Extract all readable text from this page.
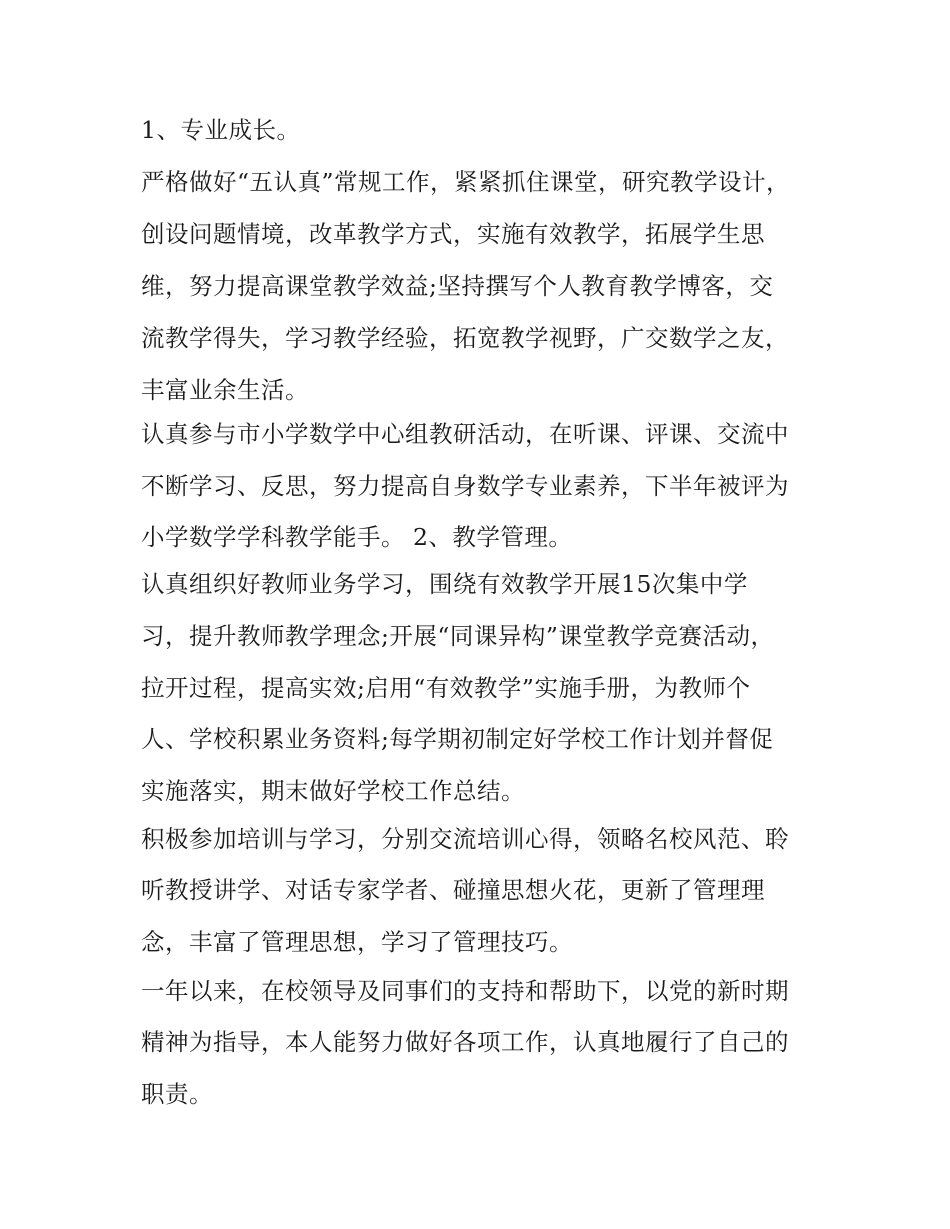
1、专业成长。
严格做好“五认真”常规工作，紧紧抓住课堂，研究教学设计，
创设问题情境，改革教学方式，实施有效教学，拓展学生思
维，努力提高课堂教学效益;坚持撰写个人教育教学博客，交
流教学得失，学习教学经验，拓宽教学视野，广交数学之友，
丰富业余生活。
认真参与市小学数学中心组教研活动，在听课、评课、交流中
不断学习、反思，努力提高自身数学专业素养，下半年被评为
小学数学学科教学能手。 2、教学管理。
认真组织好教师业务学习，围绕有效教学开展15次集中学
习，提升教师教学理念;开展“同课异构”课堂教学竞赛活动，
拉开过程，提高实效;启用“有效教学”实施手册，为教师个
人、学校积累业务资料;每学期初制定好学校工作计划并督促
实施落实，期末做好学校工作总结。
积极参加培训与学习，分别交流培训心得，领略名校风范、聆
听教授讲学、对话专家学者、碰撞思想火花，更新了管理理
念，丰富了管理思想，学习了管理技巧。
一年以来，在校领导及同事们的支持和帮助下，以党的新时期
精神为指导，本人能努力做好各项工作，认真地履行了自己的
职责。
